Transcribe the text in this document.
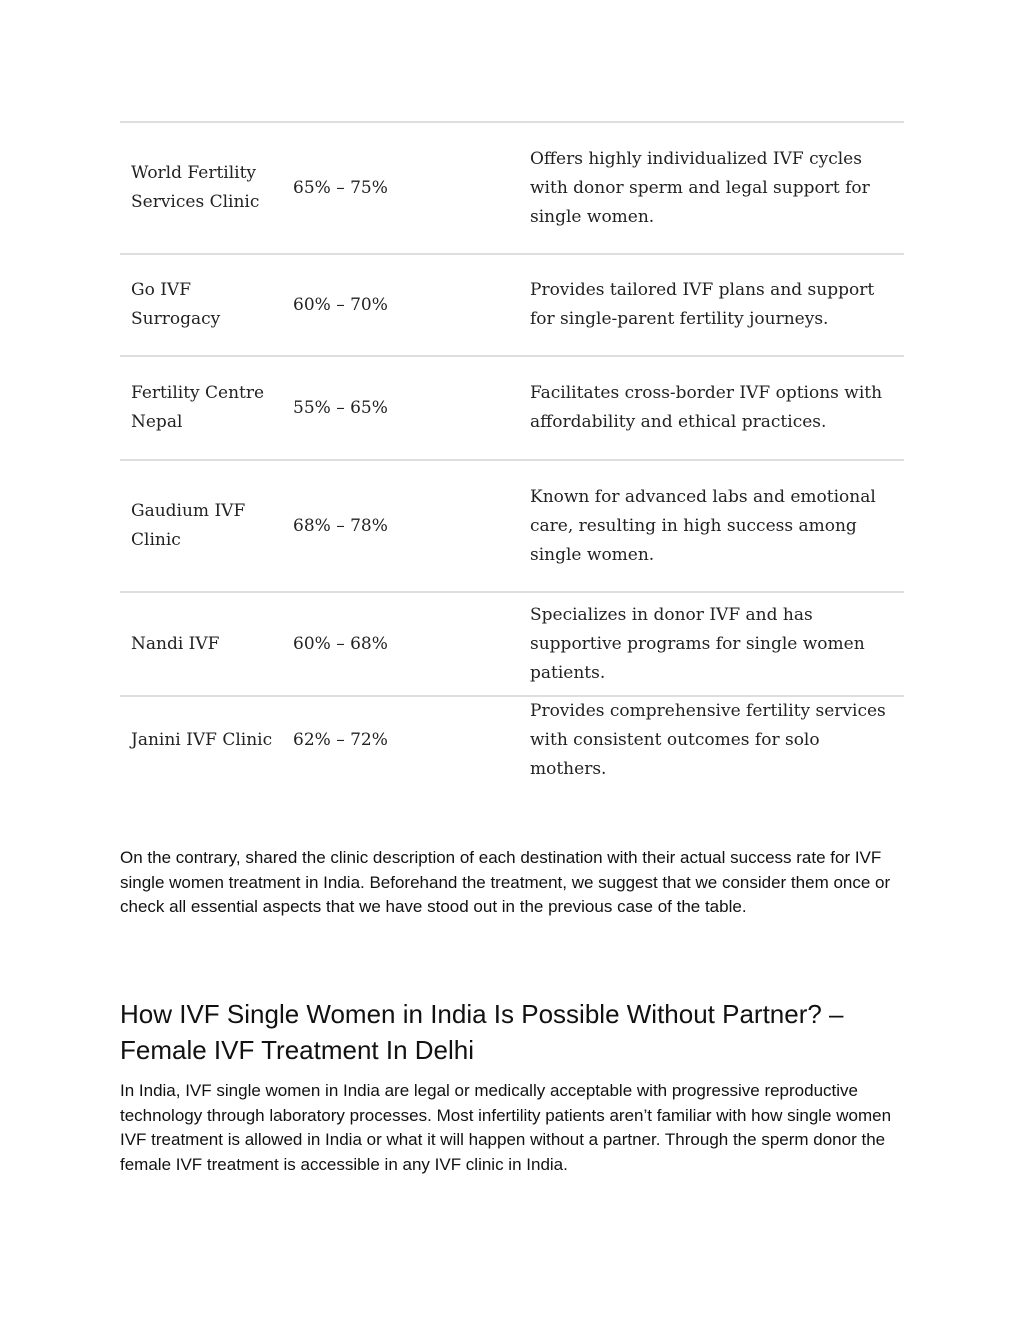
World Fertility Services Clinic	65% – 75%	Offers highly individualized IVF cycles with donor sperm and legal support for single women.
Go IVF Surrogacy	60% – 70%	Provides tailored IVF plans and support for single-parent fertility journeys.
Fertility Centre Nepal	55% – 65%	Facilitates cross-border IVF options with affordability and ethical practices.
Gaudium IVF Clinic	68% – 78%	Known for advanced labs and emotional care, resulting in high success among single women.
Nandi IVF	60% – 68%	Specializes in donor IVF and has supportive programs for single women patients.
Janini IVF Clinic	62% – 72%	Provides comprehensive fertility services with consistent outcomes for solo mothers.

On the contrary, shared the clinic description of each destination with their actual success rate for IVF single women treatment in India. Beforehand the treatment, we suggest that we consider them once or check all essential aspects that we have stood out in the previous case of the table.

How IVF Single Women in India Is Possible Without Partner? – Female IVF Treatment In Delhi

In India, IVF single women in India are legal or medically acceptable with progressive reproductive technology through laboratory processes. Most infertility patients aren’t familiar with how single women IVF treatment is allowed in India or what it will happen without a partner. Through the sperm donor the female IVF treatment is accessible in any IVF clinic in India.
